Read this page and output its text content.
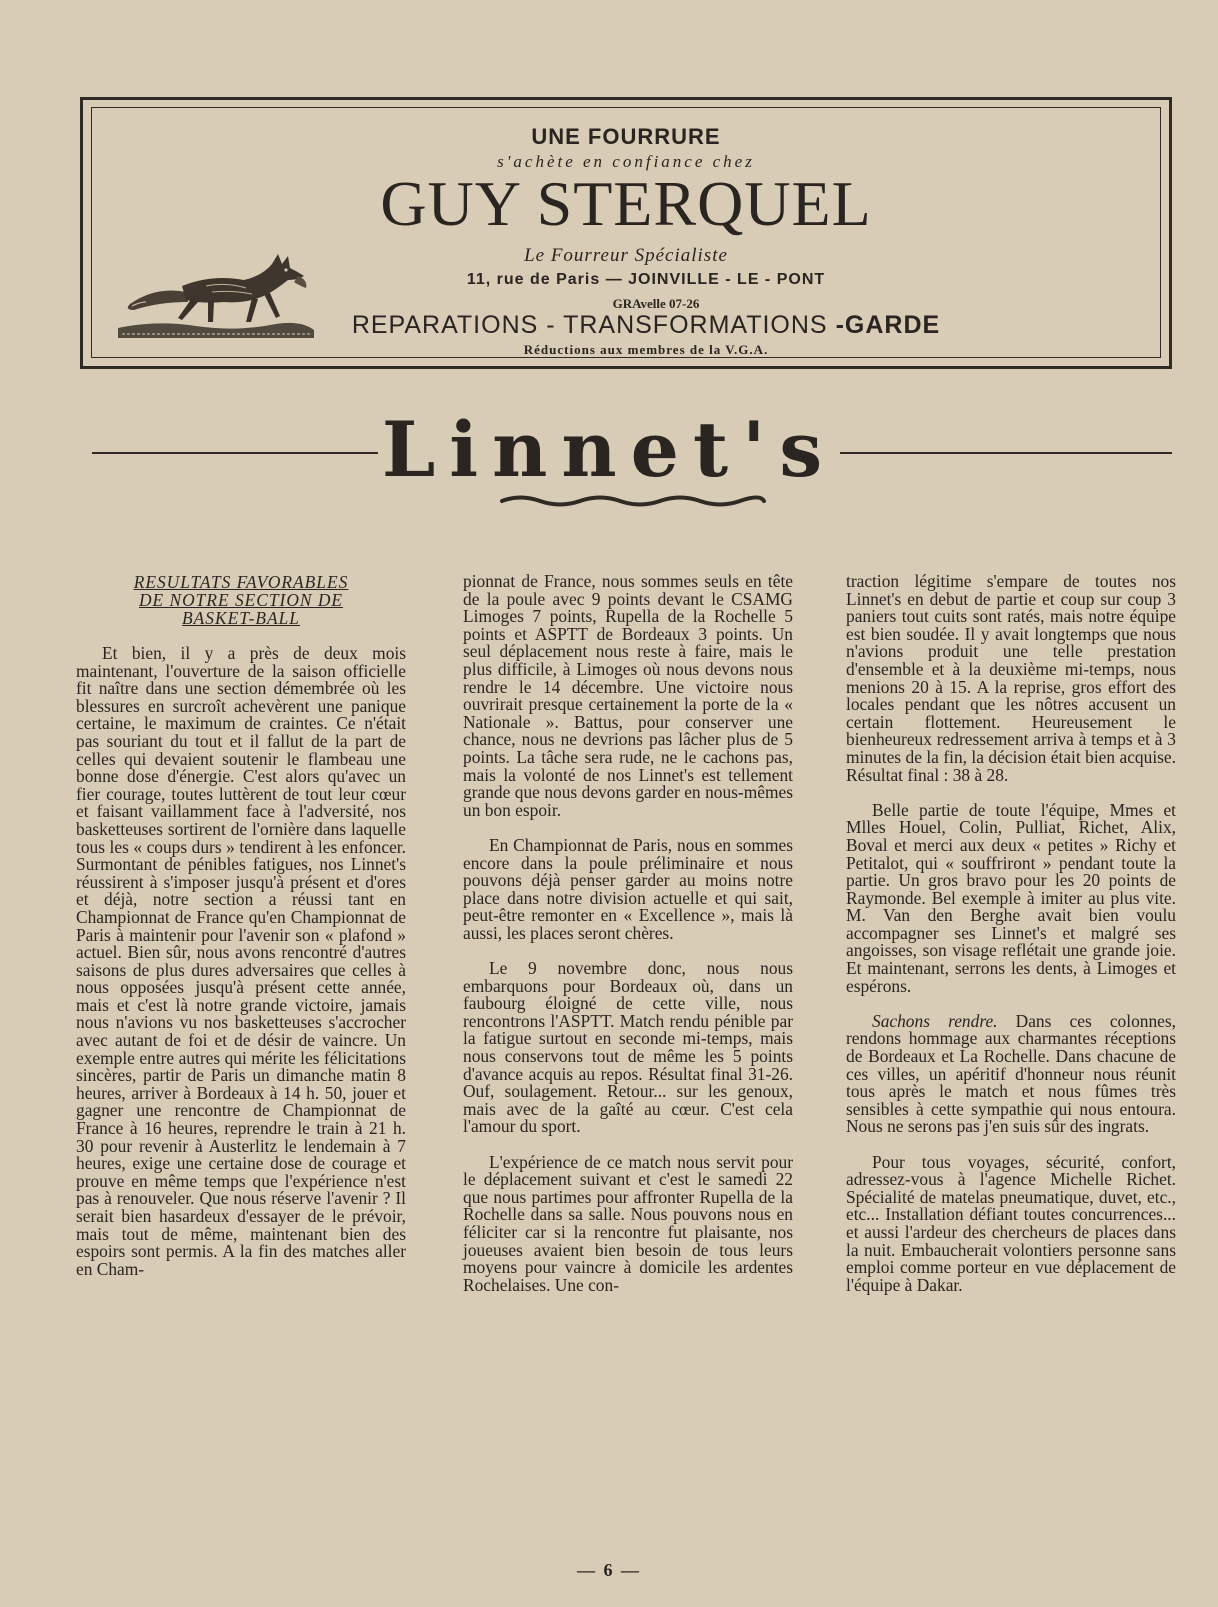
UNE FOURRURE
s'achète en confiance chez
GUY STERQUEL
Le Fourreur Spécialiste
11, rue de Paris — JOINVILLE - LE - PONT
GRAvelle 07-26
REPARATIONS - TRANSFORMATIONS -GARDE
Réductions aux membres de la V.G.A.
Linnet's
RESULTATS FAVORABLES
DE NOTRE SECTION DE
BASKET-BALL

Et bien, il y a près de deux mois maintenant, l'ouverture de la saison officielle fit naître dans une section démembrée où les blessures en surcroît achevèrent une panique certaine, le maximum de craintes. Ce n'était pas souriant du tout et il fallut de la part de celles qui devaient soutenir le flambeau une bonne dose d'énergie. C'est alors qu'avec un fier courage, toutes luttèrent de tout leur cœur et faisant vaillamment face à l'adversité, nos basketteuses sortirent de l'ornière dans laquelle tous les « coups durs » tendirent à les enfoncer. Surmontant de pénibles fatigues, nos Linnet's réussirent à s'imposer jusqu'à présent et d'ores et déjà, notre section a réussi tant en Championnat de France qu'en Championnat de Paris à maintenir pour l'avenir son « plafond » actuel. Bien sûr, nous avons rencontré d'autres saisons de plus dures adversaires que celles à nous opposées jusqu'à présent cette année, mais et c'est là notre grande victoire, jamais nous n'avions vu nos basketteuses s'accrocher avec autant de foi et de désir de vaincre. Un exemple entre autres qui mérite les félicitations sincères, partir de Paris un dimanche matin 8 heures, arriver à Bordeaux à 14 h. 50, jouer et gagner une rencontre de Championnat de France à 16 heures, reprendre le train à 21 h. 30 pour revenir à Austerlitz le lendemain à 7 heures, exige une certaine dose de courage et prouve en même temps que l'expérience n'est pas à renouveler. Que nous réserve l'avenir ? Il serait bien hasardeux d'essayer de le prévoir, mais tout de même, maintenant bien des espoirs sont permis. A la fin des matches aller en Cham-

pionnat de France, nous sommes seuls en tête de la poule avec 9 points devant le CSAMG Limoges 7 points, Rupella de la Rochelle 5 points et ASPTT de Bordeaux 3 points. Un seul déplacement nous reste à faire, mais le plus difficile, à Limoges où nous devons nous rendre le 14 décembre. Une victoire nous ouvrirait presque certainement la porte de la « Nationale ». Battus, pour conserver une chance, nous ne devrions pas lâcher plus de 5 points. La tâche sera rude, ne le cachons pas, mais la volonté de nos Linnet's est tellement grande que nous devons garder en nous-mêmes un bon espoir.

En Championnat de Paris, nous en sommes encore dans la poule préliminaire et nous pouvons déjà penser garder au moins notre place dans notre division actuelle et qui sait, peut-être remonter en « Excellence », mais là aussi, les places seront chères.

Le 9 novembre donc, nous nous embarquons pour Bordeaux où, dans un faubourg éloigné de cette ville, nous rencontrons l'ASPTT. Match rendu pénible par la fatigue surtout en seconde mi-temps, mais nous conservons tout de même les 5 points d'avance acquis au repos. Résultat final 31-26. Ouf, soulagement. Retour... sur les genoux, mais avec de la gaîté au cœur. C'est cela l'amour du sport.

L'expérience de ce match nous servit pour le déplacement suivant et c'est le samedi 22 que nous partimes pour affronter Rupella de la Rochelle dans sa salle. Nous pouvons nous en féliciter car si la rencontre fut plaisante, nos joueuses avaient bien besoin de tous leurs moyens pour vaincre à domicile les ardentes Rochelaises. Une con-

traction légitime s'empare de toutes nos Linnet's en debut de partie et coup sur coup 3 paniers tout cuits sont ratés, mais notre équipe est bien soudée. Il y avait longtemps que nous n'avions produit une telle prestation d'ensemble et à la deuxième mi-temps, nous menions 20 à 15. A la reprise, gros effort des locales pendant que les nôtres accusent un certain flottement. Heureusement le bienheureux redressement arriva à temps et à 3 minutes de la fin, la décision était bien acquise. Résultat final : 38 à 28.

Belle partie de toute l'équipe, Mmes et Mlles Houel, Colin, Pulliat, Richet, Alix, Boval et merci aux deux « petites » Richy et Petitalot, qui « souffriront » pendant toute la partie. Un gros bravo pour les 20 points de Raymonde. Bel exemple à imiter au plus vite. M. Van den Berghe avait bien voulu accompagner ses Linnet's et malgré ses angoisses, son visage reflétait une grande joie. Et maintenant, serrons les dents, à Limoges et espérons.

Sachons rendre. Dans ces colonnes, rendons hommage aux charmantes réceptions de Bordeaux et La Rochelle. Dans chacune de ces villes, un apéritif d'honneur nous réunit tous après le match et nous fûmes très sensibles à cette sympathie qui nous entoura. Nous ne serons pas j'en suis sûr des ingrats.

Pour tous voyages, sécurité, confort, adressez-vous à l'agence Michelle Richet. Spécialité de matelas pneumatique, duvet, etc., etc... Installation défiant toutes concurrences... et aussi l'ardeur des chercheurs de places dans la nuit. Embaucherait volontiers personne sans emploi comme porteur en vue déplacement de l'équipe à Dakar.

— 6 —
